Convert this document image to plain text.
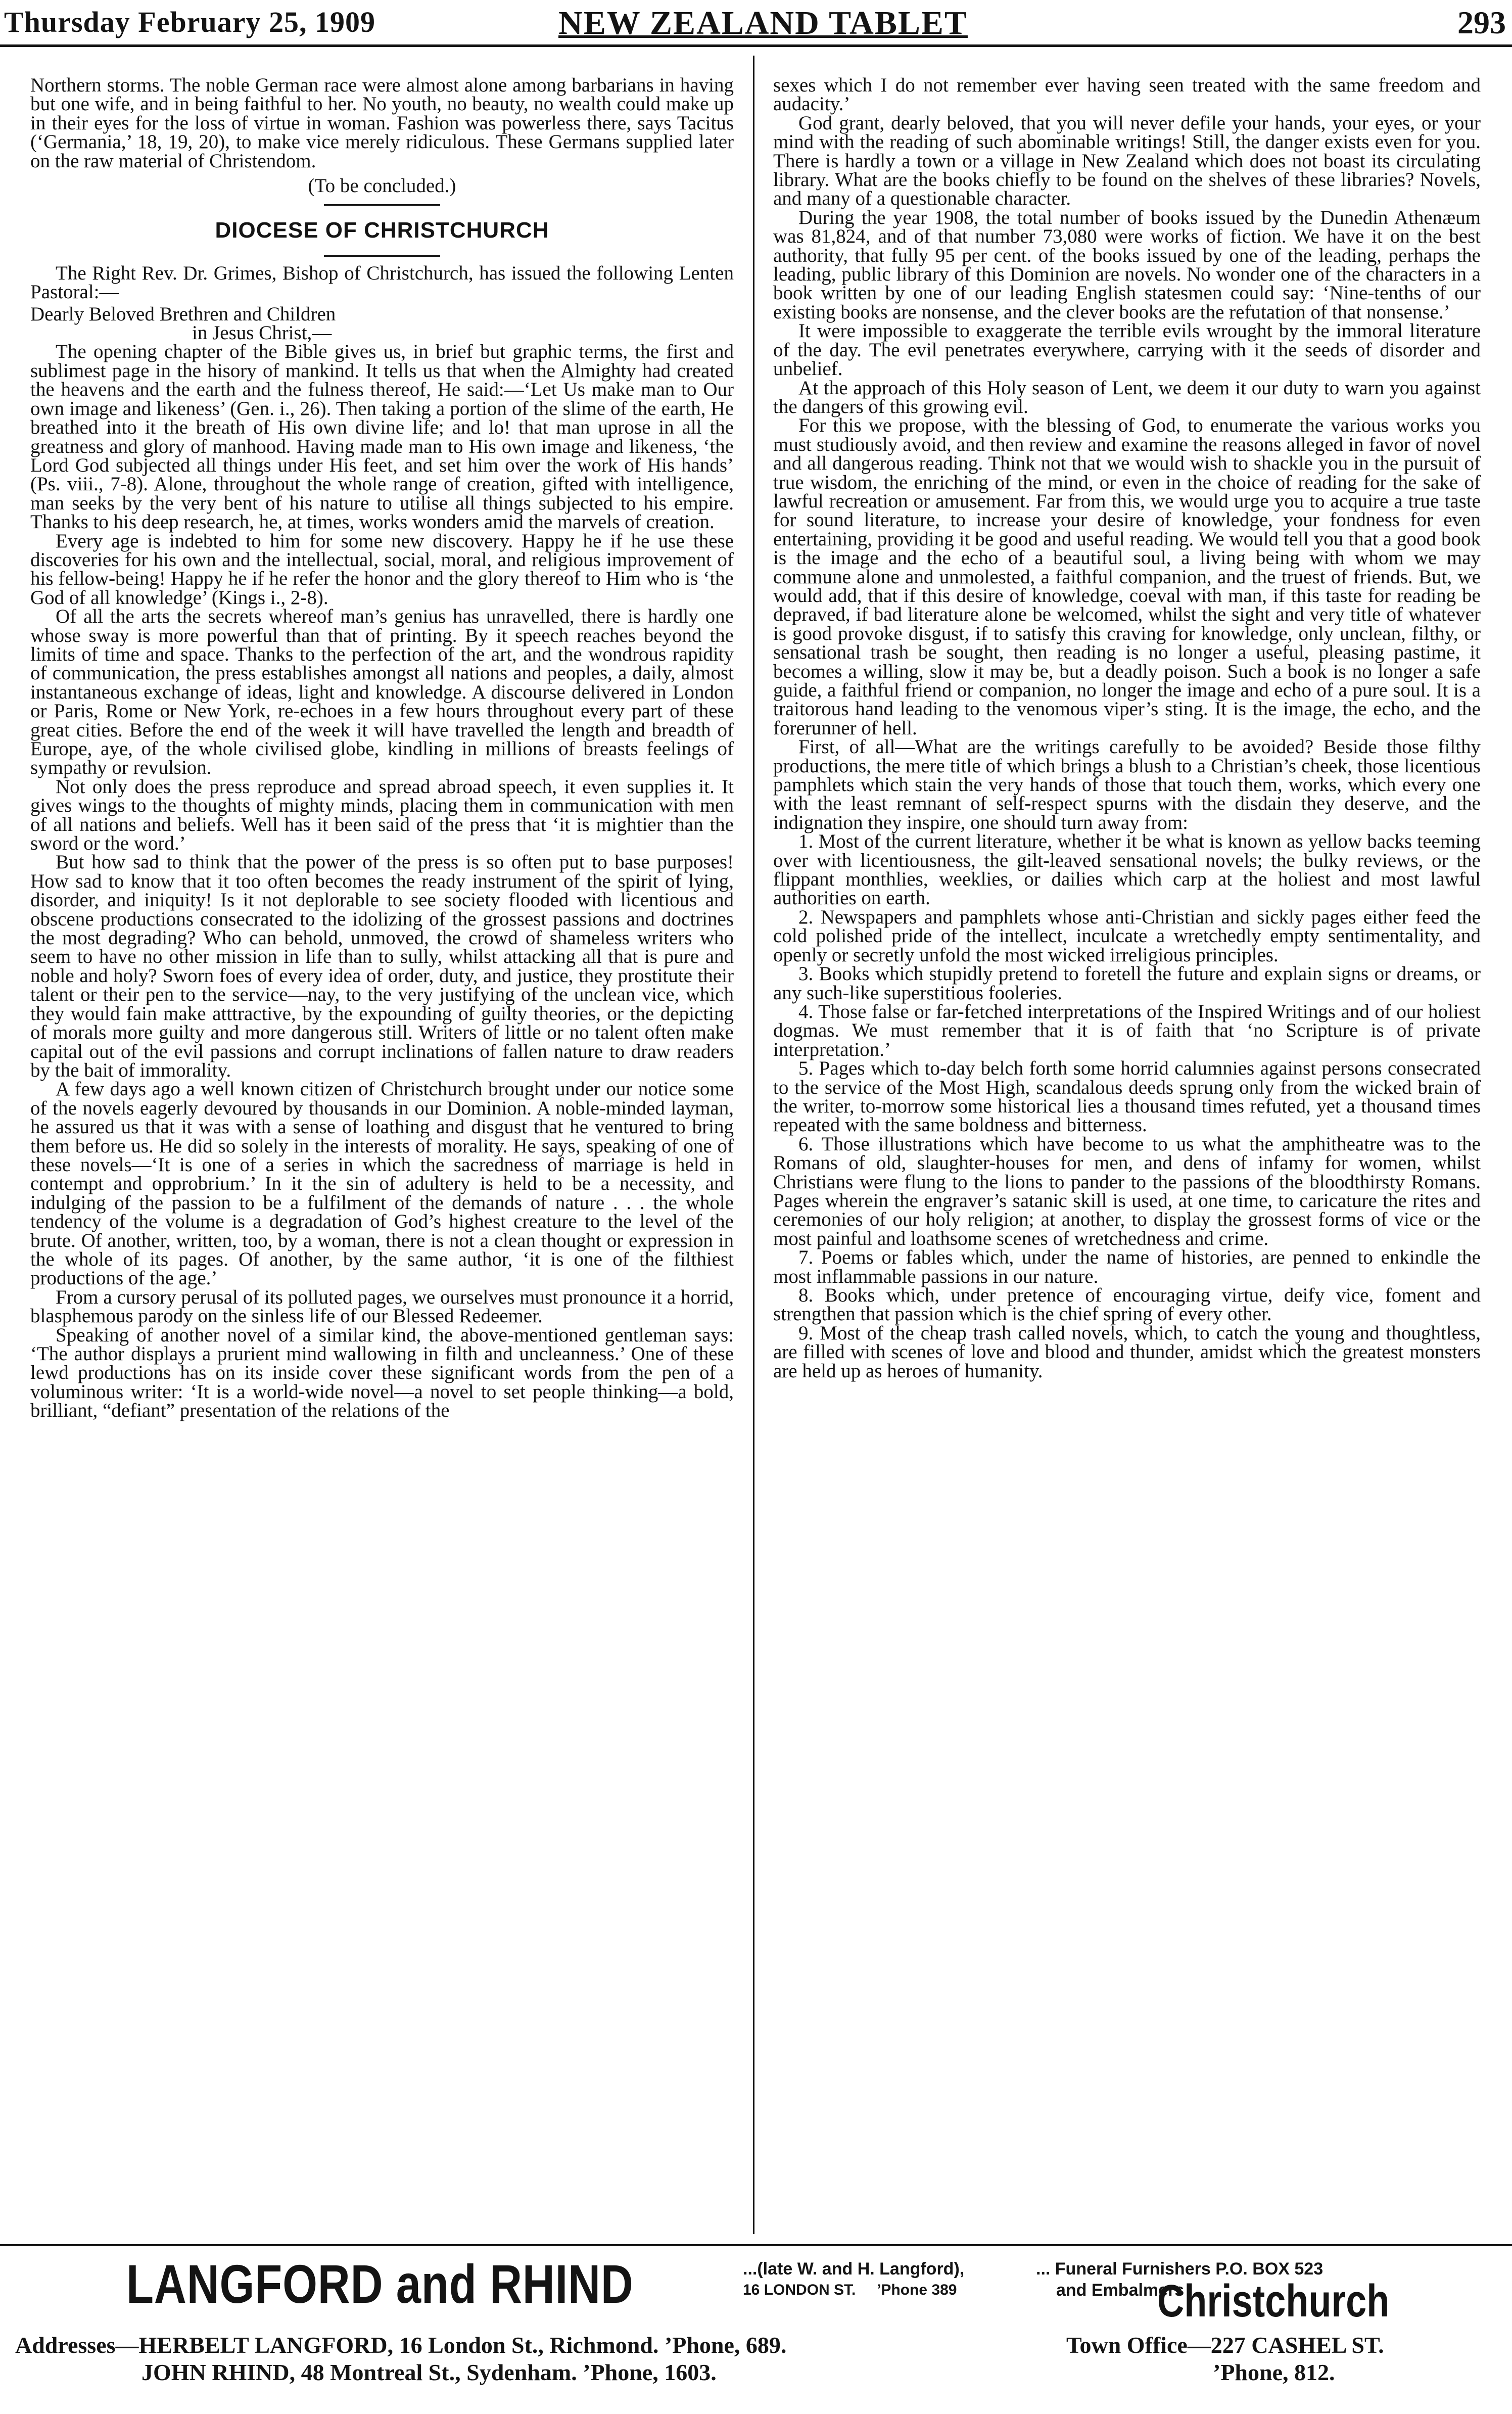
Thursday February 25, 1909	NEW ZEALAND TABLET	293

Northern storms. The noble German race were almost alone among barbarians in having but one wife, and in being faithful to her. No youth, no beauty, no wealth could make up in their eyes for the loss of virtue in woman. Fashion was powerless there, says Tacitus (‘Germania,’ 18, 19, 20), to make vice merely ridiculous. These Germans supplied later on the raw material of Christendom.

(To be concluded.)

DIOCESE OF CHRISTCHURCH

The Right Rev. Dr. Grimes, Bishop of Christchurch, has issued the following Lenten Pastoral:—

Dearly Beloved Brethren and Children

in Jesus Christ,—

The opening chapter of the Bible gives us, in brief but graphic terms, the first and sublimest page in the hisory of mankind. It tells us that when the Almighty had created the heavens and the earth and the fulness thereof, He said:—‘Let Us make man to Our own image and likeness’ (Gen. i., 26). Then taking a portion of the slime of the earth, He breathed into it the breath of His own divine life; and lo! that man uprose in all the greatness and glory of manhood. Having made man to His own image and likeness, ‘the Lord God subjected all things under His feet, and set him over the work of His hands’ (Ps. viii., 7-8). Alone, throughout the whole range of creation, gifted with intelligence, man seeks by the very bent of his nature to utilise all things subjected to his empire. Thanks to his deep research, he, at times, works wonders amid the marvels of creation.

Every age is indebted to him for some new discovery. Happy he if he use these discoveries for his own and the intellectual, social, moral, and religious improvement of his fellow-being! Happy he if he refer the honor and the glory thereof to Him who is ‘the God of all knowledge’ (Kings i., 2-8).

Of all the arts the secrets whereof man’s genius has unravelled, there is hardly one whose sway is more powerful than that of printing. By it speech reaches beyond the limits of time and space. Thanks to the perfection of the art, and the wondrous rapidity of communication, the press establishes amongst all nations and peoples, a daily, almost instantaneous exchange of ideas, light and knowledge. A discourse delivered in London or Paris, Rome or New York, re-echoes in a few hours throughout every part of these great cities. Before the end of the week it will have travelled the length and breadth of Europe, aye, of the whole civilised globe, kindling in millions of breasts feelings of sympathy or revulsion.

Not only does the press reproduce and spread abroad speech, it even supplies it. It gives wings to the thoughts of mighty minds, placing them in communication with men of all nations and beliefs. Well has it been said of the press that ‘it is mightier than the sword or the word.’

But how sad to think that the power of the press is so often put to base purposes! How sad to know that it too often becomes the ready instrument of the spirit of lying, disorder, and iniquity! Is it not deplorable to see society flooded with licentious and obscene productions consecrated to the idolizing of the grossest passions and doctrines the most degrading? Who can behold, unmoved, the crowd of shameless writers who seem to have no other mission in life than to sully, whilst attacking all that is pure and noble and holy? Sworn foes of every idea of order, duty, and justice, they prostitute their talent or their pen to the service—nay, to the very justifying of the unclean vice, which they would fain make atttractive, by the expounding of guilty theories, or the depicting of morals more guilty and more dangerous still. Writers of little or no talent often make capital out of the evil passions and corrupt inclinations of fallen nature to draw readers by the bait of immorality.

A few days ago a well known citizen of Christchurch brought under our notice some of the novels eagerly devoured by thousands in our Dominion. A noble-minded layman, he assured us that it was with a sense of loathing and disgust that he ventured to bring them before us. He did so solely in the interests of morality. He says, speaking of one of these novels—‘It is one of a series in which the sacredness of marriage is held in contempt and opprobrium.’ In it the sin of adultery is held to be a necessity, and indulging of the passion to be a fulfilment of the demands of nature . . . the whole tendency of the volume is a degradation of God’s highest creature to the level of the brute. Of another, written, too, by a woman, there is not a clean thought or expression in the whole of its pages. Of another, by the same author, ‘it is one of the filthiest productions of the age.’

From a cursory perusal of its polluted pages, we ourselves must pronounce it a horrid, blasphemous parody on the sinless life of our Blessed Redeemer.

Speaking of another novel of a similar kind, the above-mentioned gentleman says: ‘The author displays a prurient mind wallowing in filth and uncleanness.’ One of these lewd productions has on its inside cover these significant words from the pen of a voluminous writer: ‘It is a world-wide novel—a novel to set people thinking—a bold, brilliant, “defiant” presentation of the relations of the

sexes which I do not remember ever having seen treated with the same freedom and audacity.’

God grant, dearly beloved, that you will never defile your hands, your eyes, or your mind with the reading of such abominable writings! Still, the danger exists even for you. There is hardly a town or a village in New Zealand which does not boast its circulating library. What are the books chiefly to be found on the shelves of these libraries? Novels, and many of a questionable character.

During the year 1908, the total number of books issued by the Dunedin Athenæum was 81,824, and of that number 73,080 were works of fiction. We have it on the best authority, that fully 95 per cent. of the books issued by one of the leading, perhaps the leading, public library of this Dominion are novels. No wonder one of the characters in a book written by one of our leading English statesmen could say: ‘Nine-tenths of our existing books are nonsense, and the clever books are the refutation of that nonsense.’

It were impossible to exaggerate the terrible evils wrought by the immoral literature of the day. The evil penetrates everywhere, carrying with it the seeds of disorder and unbelief.

At the approach of this Holy season of Lent, we deem it our duty to warn you against the dangers of this growing evil.

For this we propose, with the blessing of God, to enumerate the various works you must studiously avoid, and then review and examine the reasons alleged in favor of novel and all dangerous reading. Think not that we would wish to shackle you in the pursuit of true wisdom, the enriching of the mind, or even in the choice of reading for the sake of lawful recreation or amusement. Far from this, we would urge you to acquire a true taste for sound literature, to increase your desire of knowledge, your fondness for even entertaining, providing it be good and useful reading. We would tell you that a good book is the image and the echo of a beautiful soul, a living being with whom we may commune alone and unmolested, a faithful companion, and the truest of friends. But, we would add, that if this desire of knowledge, coeval with man, if this taste for reading be depraved, if bad literature alone be welcomed, whilst the sight and very title of whatever is good provoke disgust, if to satisfy this craving for knowledge, only unclean, filthy, or sensational trash be sought, then reading is no longer a useful, pleasing pastime, it becomes a willing, slow it may be, but a deadly poison. Such a book is no longer a safe guide, a faithful friend or companion, no longer the image and echo of a pure soul. It is a traitorous hand leading to the venomous viper’s sting. It is the image, the echo, and the forerunner of hell.

First, of all—What are the writings carefully to be avoided? Beside those filthy productions, the mere title of which brings a blush to a Christian’s cheek, those licentious pamphlets which stain the very hands of those that touch them, works, which every one with the least remnant of self-respect spurns with the disdain they deserve, and the indignation they inspire, one should turn away from:

1. Most of the current literature, whether it be what is known as yellow backs teeming over with licentiousness, the gilt-leaved sensational novels; the bulky reviews, or the flippant monthlies, weeklies, or dailies which carp at the holiest and most lawful authorities on earth.

2. Newspapers and pamphlets whose anti-Christian and sickly pages either feed the cold polished pride of the intellect, inculcate a wretchedly empty sentimentality, and openly or secretly unfold the most wicked irreligious principles.

3. Books which stupidly pretend to foretell the future and explain signs or dreams, or any such-like superstitious fooleries.

4. Those false or far-fetched interpretations of the Inspired Writings and of our holiest dogmas. We must remember that it is of faith that ‘no Scripture is of private interpretation.’

5. Pages which to-day belch forth some horrid calumnies against persons consecrated to the service of the Most High, scandalous deeds sprung only from the wicked brain of the writer, to-morrow some historical lies a thousand times refuted, yet a thousand times repeated with the same boldness and bitterness.

6. Those illustrations which have become to us what the amphitheatre was to the Romans of old, slaughter-houses for men, and dens of infamy for women, whilst Christians were flung to the lions to pander to the passions of the bloodthirsty Romans. Pages wherein the engraver’s satanic skill is used, at one time, to caricature the rites and ceremonies of our holy religion; at another, to display the grossest forms of vice or the most painful and loathsome scenes of wretchedness and crime.

7. Poems or fables which, under the name of histories, are penned to enkindle the most inflammable passions in our nature.

8. Books which, under pretence of encouraging virtue, deify vice, foment and strengthen that passion which is the chief spring of every other.

9. Most of the cheap trash called novels, which, to catch the young and thoughtless, are filled with scenes of love and blood and thunder, amidst which the greatest monsters are held up as heroes of humanity.

LANGFORD and RHIND	...(late W. and H. Langford),
16 LONDON ST. ’Phone 389
... Funeral Furnishers P.O. BOX 523
and Embalmers
Christchurch
Addresses—HERBELT LANGFORD, 16 London St., Richmond. ’Phone, 689.	Town Office—227 CASHEL ST.
JOHN RHIND, 48 Montreal St., Sydenham. ’Phone, 1603.	’Phone, 812.
